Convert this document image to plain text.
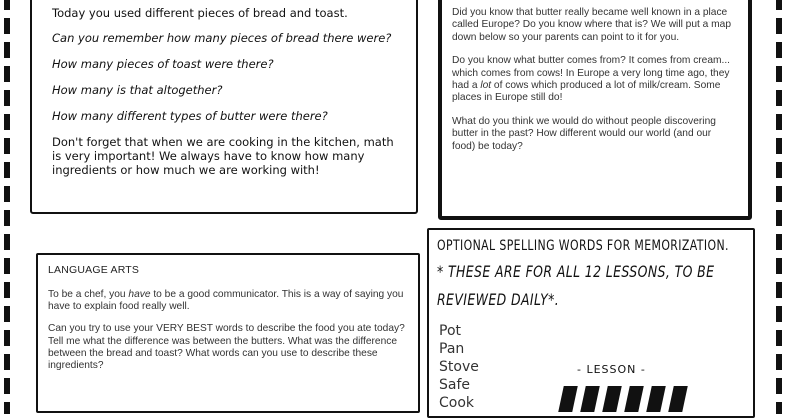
Today you used different pieces of bread and toast.

Can you remember how many pieces of bread there were?

How many pieces of toast were there?

How many is that altogether?

How many different types of butter were there?

Don't forget that when we are cooking in the kitchen, math is very important! We always have to know how many ingredients or how much we are working with!

Did you know that butter really became well known in a place called Europe? Do you know where that is? We will put a map down below so your parents can point to it for you.

Do you know what butter comes from? It comes from cream... which comes from cows! In Europe a very long time ago, they had a lot of cows which produced a lot of milk/cream. Some places in Europe still do!

What do you think we would do without people discovering butter in the past? How different would our world (and our food) be today?

LANGUAGE ARTS

To be a chef, you have to be a good communicator. This is a way of saying you have to explain food really well.

Can you try to use your VERY BEST words to describe the food you ate today? Tell me what the difference was between the butters. What was the difference between the bread and toast? What words can you use to describe these ingredients?

OPTIONAL SPELLING WORDS FOR MEMORIZATION.

* THESE ARE FOR ALL 12 LESSONS, TO BE REVIEWED DAILY*.

Pot
Pan
Stove
Safe
Cook
- LESSON -
